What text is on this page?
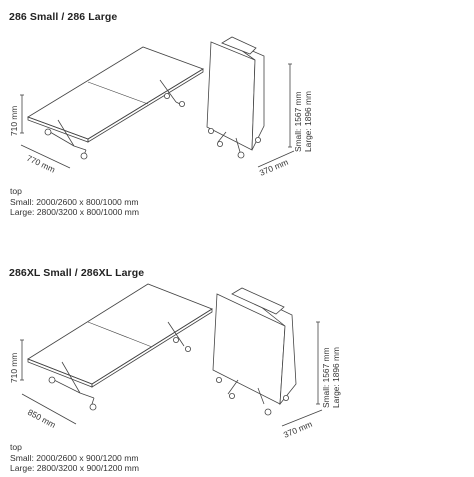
286 Small / 286 Large
710 mm
770 mm	370 mm
Small: 1567 mm Large: 1896 mm
710 mm
850 mm	370 mm
Small: 1567 mm Large: 1896 mm
top
Small: 2000/2600 x 800/1000 mm
Large: 2800/3200 x 800/1000 mm
286XL Small / 286XL Large
top
Small: 2000/2600 x 900/1200 mm
Large: 2800/3200 x 900/1200 mm
